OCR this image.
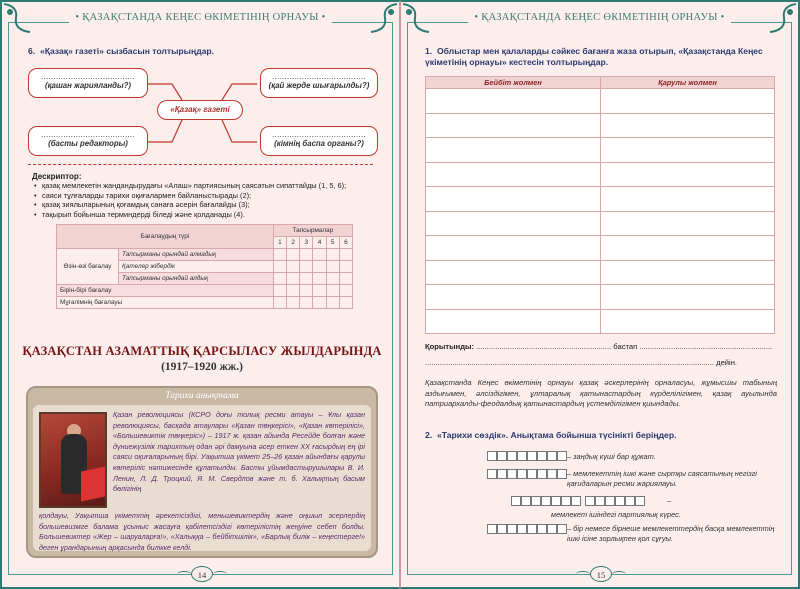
• ҚАЗАҚСТАНДА КЕҢЕС ӨКІМЕТІНІҢ ОРНАУЫ •
6. «Қазақ» газеті» сызбасын толтырыңдар.
......................................
(қашан жарияланды?)
......................................
(қай жерде шығарылды?)
«Қазақ» газеті
......................................
(басты редакторы)
......................................
(кімнің баспа органы?)
Дескриптор:
• қазақ мемлекетін жандандырудағы «Алаш» партиясының саясатын сипаттайды (1, 5, 6);
• саяси тұлғаларды тарихи оқиғалармен байланыстырады (2);
• қазақ зиялыларының қоғамдық санаға әсерін бағалайды (3);
• тақырып бойынша терминдерді біледі және қолданады (4).
Бағалаудың түрі		Тапсырмалар					
		1	2	3	4	5	6
Өзін-өзі бағалау	Тапсырманы орындай алмадық						
	Қателер жібердік						
	Тапсырманы орындай алдық						
Бірін-бірі бағалау							
Мұғалімнің бағалауы							
ҚАЗАҚСТАН АЗАМАТТЫҚ ҚАРСЫЛАСУ ЖЫЛДАРЫНДА
(1917–1920 жж.)
Тарихи анықтама
Қазан революциясы (КСРО доғы толық ресми атауы – Ұлы қазан революциясы, басқада атаулары «Қазан төңкерісі», «Қазан көтерілісі», «Большевиктік төңкеріс») – 1917 ж. қазан айында Ресейде болған және дүниежүзілік тарихтың одан әрі дамуына әсер еткен XX ғасырдың ең ірі саяси оқиғаларының бірі. Уақытша үкімет 25–26 қазан айындағы қарулы көтеріліс нәтижесінде құлатылды. Басты ұйымдастырушылары В. И. Ленин, Л. Д. Троцкий, Я. М. Свердлов және т. б. Халықтың басым бөлігінің
қолдауы, Уақытша үкіметтің әрекетсіздігі, меньшевиктердің және оңшыл эсерлердің большевизмге балама ұсыныс жасауға қабілетсіздігі көтерілістің жеңуіне себеп болды. Большевиктер «Жер – шаруаларға!», «Халыққа – бейбітшілік», «Барлық билік – кеңестерге!» деген ұрандарының арқасында билікке келді.
14
• ҚАЗАҚСТАНДА КЕҢЕС ӨКІМЕТІНІҢ ОРНАУЫ •
1. Облыстар мен қалаларды сәйкес бағанға жаза отырып, «Қазақстанда Кеңес үкіметінің орнауы» кестесін толтырыңдар.
Бейбіт жолмен	Қарулы жолмен

Қорытынды: ................................................................ бастап ...............................................................
......................................................................................................................................... дейін.
Қазақстанда Кеңес өкіметінің орнауы қазақ әскерлерінің орналасуы, жұмысшы табының аздығымен, әлсіздігімен, ұлтаралық қатынастардың күрделілігімен, қазақ ауылында патриархалды-феодалдық қатынастардың үстемділігімен қиындады.
2. «Тарихи сөздік». Анықтама бойынша түсінікті беріңдер.
– заңдық күші бар құжат.
– мемлекеттің ішкі және сыртқы саясатының негізгі қағидаларын ресми жариялауы.
–
мемлекет ішіндегі партиялық күрес.
– бір немесе бірнеше мемлекеттердің басқа мемлекеттің ішкі ісіне зорлықпен қол сұғуы.
15
